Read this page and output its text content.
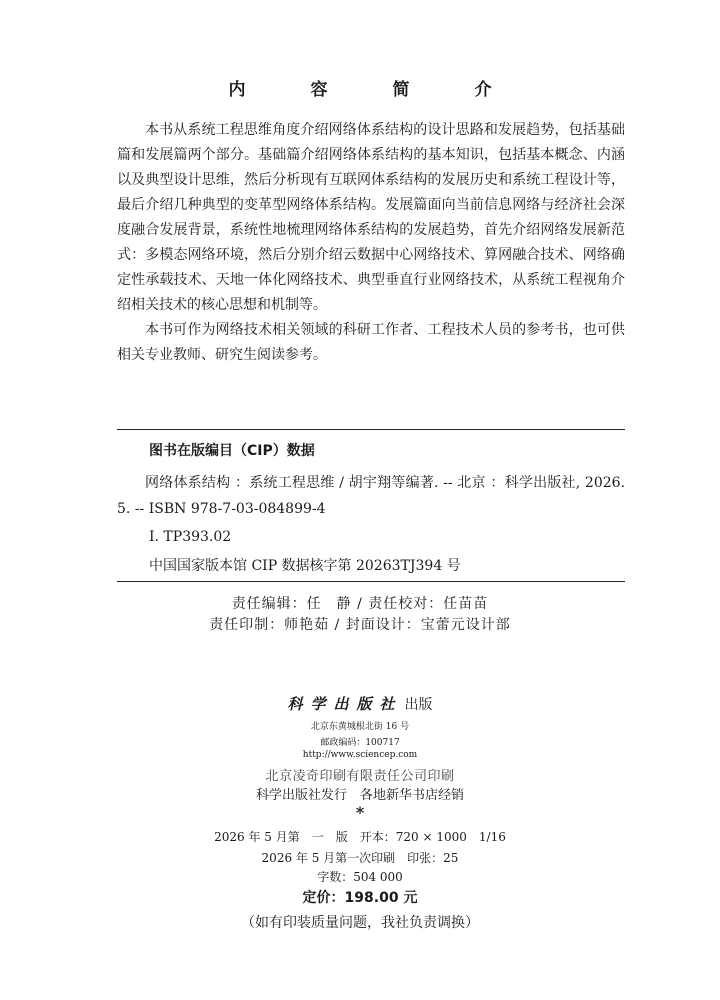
内　容　简　介

本书从系统工程思维角度介绍网络体系结构的设计思路和发展趋势，包括基础篇和发展篇两个部分。基础篇介绍网络体系结构的基本知识，包括基本概念、内涵以及典型设计思维，然后分析现有互联网体系结构的发展历史和系统工程设计等，最后介绍几种典型的变革型网络体系结构。发展篇面向当前信息网络与经济社会深度融合发展背景，系统性地梳理网络体系结构的发展趋势，首先介绍网络发展新范式：多模态网络环境，然后分别介绍云数据中心网络技术、算网融合技术、网络确定性承载技术、天地一体化网络技术、典型垂直行业网络技术，从系统工程视角介绍相关技术的核心思想和机制等。

本书可作为网络技术相关领域的科研工作者、工程技术人员的参考书，也可供相关专业教师、研究生阅读参考。

图书在版编目（CIP）数据
网络体系结构 ：系统工程思维 / 胡宇翔等编著. -- 北京 ：科学出版社, 2026. 5. -- ISBN 978-7-03-084899-4
Ⅰ. TP393.02
中国国家版本馆 CIP 数据核字第 20263TJ394 号
责任编辑：任　静 / 责任校对：任苗苗
责任印制：师艳茹 / 封面设计：宝蕾元设计部
科学出版社 出版
北京东黄城根北街 16 号
邮政编码：100717
http://www.sciencep.com
北京凌奇印刷有限责任公司印刷
科学出版社发行　各地新华书店经销
*
2026 年 5 月第　一　版　开本：720 × 1000　1/16
2026 年 5 月第一次印刷　印张：25
字数：504 000
定价：198.00 元
（如有印装质量问题，我社负责调换）
